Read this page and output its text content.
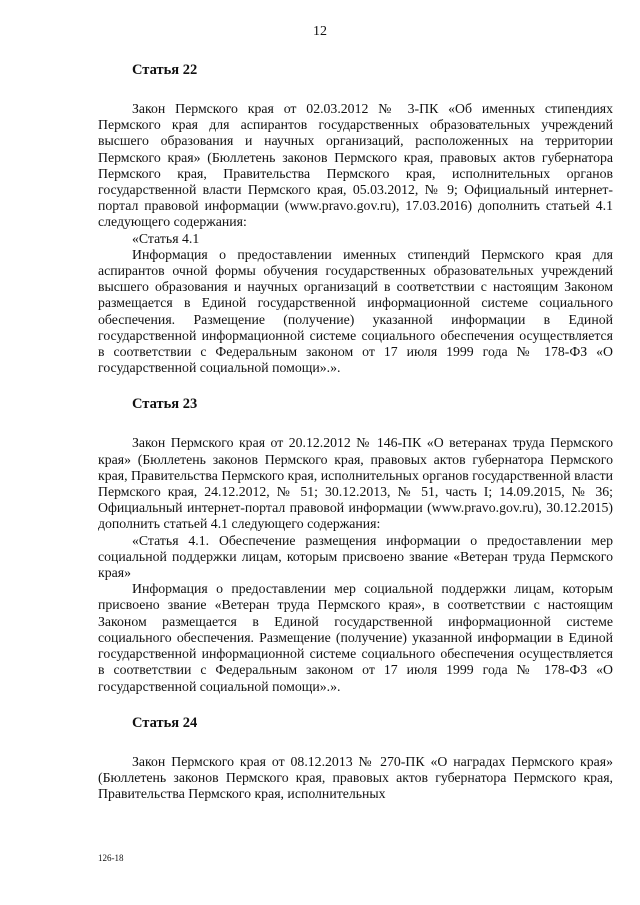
12
Статья 22

Закон Пермского края от 02.03.2012 № 3-ПК «Об именных стипендиях Пермского края для аспирантов государственных образовательных учреждений высшего образования и научных организаций, расположенных на территории Пермского края» (Бюллетень законов Пермского края, правовых актов губернатора Пермского края, Правительства Пермского края, исполнительных органов государственной власти Пермского края, 05.03.2012, № 9; Официальный интернет-портал правовой информации (www.pravo.gov.ru), 17.03.2016) дополнить статьей 4.1 следующего содержания:

«Статья 4.1

Информация о предоставлении именных стипендий Пермского края для аспирантов очной формы обучения государственных образовательных учреждений высшего образования и научных организаций в соответствии с настоящим Законом размещается в Единой государственной информационной системе социального обеспечения. Размещение (получение) указанной информации в Единой государственной информационной системе социального обеспечения осуществляется в соответствии с Федеральным законом от 17 июля 1999 года № 178-ФЗ «О государственной социальной помощи».».

Статья 23

Закон Пермского края от 20.12.2012 № 146-ПК «О ветеранах труда Пермского края» (Бюллетень законов Пермского края, правовых актов губернатора Пермского края, Правительства Пермского края, исполнительных органов государственной власти Пермского края, 24.12.2012, № 51; 30.12.2013, № 51, часть I; 14.09.2015, № 36; Официальный интернет-портал правовой информации (www.pravo.gov.ru), 30.12.2015) дополнить статьей 4.1 следующего содержания:

«Статья 4.1. Обеспечение размещения информации о предоставлении мер социальной поддержки лицам, которым присвоено звание «Ветеран труда Пермского края»

Информация о предоставлении мер социальной поддержки лицам, которым присвоено звание «Ветеран труда Пермского края», в соответствии с настоящим Законом размещается в Единой государственной информационной системе социального обеспечения. Размещение (получение) указанной информации в Единой государственной информационной системе социального обеспечения осуществляется в соответствии с Федеральным законом от 17 июля 1999 года № 178-ФЗ «О государственной социальной помощи».».

Статья 24

Закон Пермского края от 08.12.2013 № 270-ПК «О наградах Пермского края» (Бюллетень законов Пермского края, правовых актов губернатора Пермского края, Правительства Пермского края, исполнительных

126-18
